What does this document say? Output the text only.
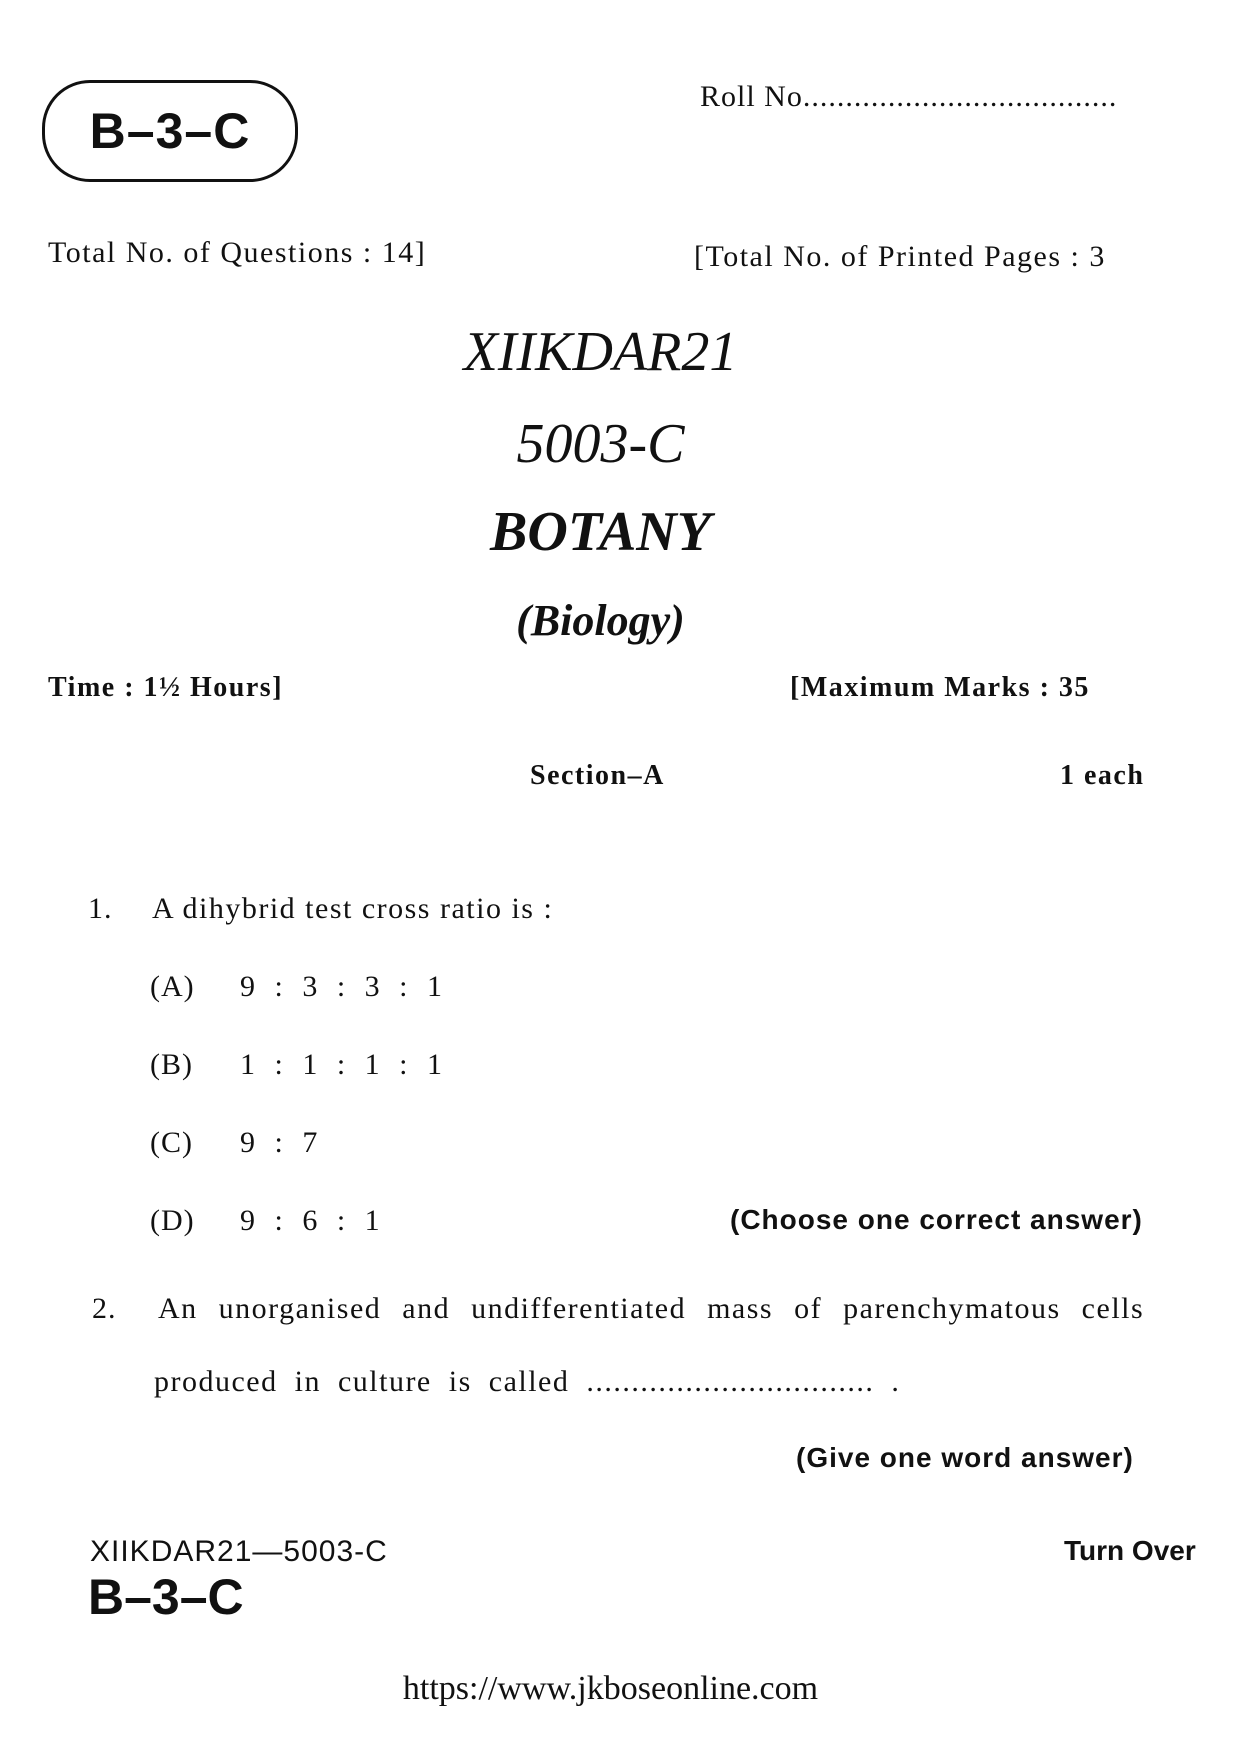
B–3–C
Roll No.....................................
Total No. of Questions : 14]	[Total No. of Printed Pages : 3
XIIKDAR21
5003-C
BOTANY
(Biology)
Time : 1½ Hours]	[Maximum Marks : 35
Section–A	1 each
1. A dihybrid test cross ratio is :
(A) 9 : 3 : 3 : 1
(B) 1 : 1 : 1 : 1
(C) 9 : 7
(D) 9 : 6 : 1	(Choose one correct answer)
2. An unorganised and undifferentiated mass of parenchymatous cells
produced in culture is called ................................ .
(Give one word answer)
XIIKDAR21—5003-C	Turn Over
B–3–C
https://www.jkboseonline.com
